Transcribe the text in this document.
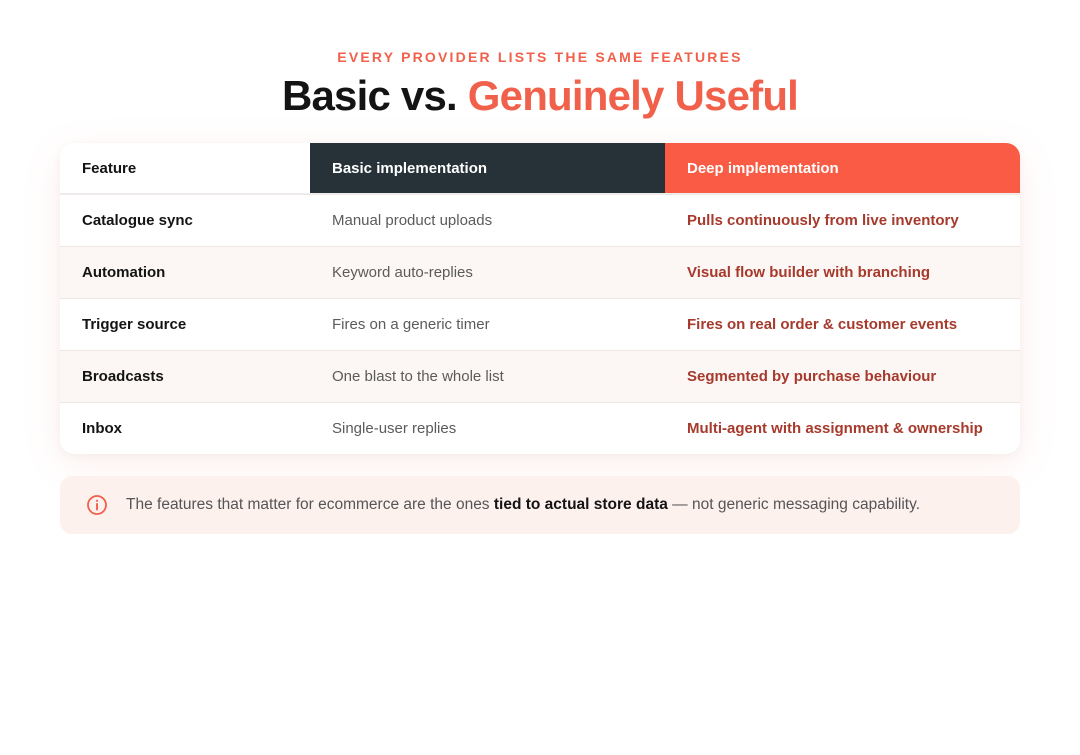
EVERY PROVIDER LISTS THE SAME FEATURES
Basic vs. Genuinely Useful
Feature	Basic implementation	Deep implementation
Catalogue sync	Manual product uploads	Pulls continuously from live inventory
Automation	Keyword auto-replies	Visual flow builder with branching
Trigger source	Fires on a generic timer	Fires on real order & customer events
Broadcasts	One blast to the whole list	Segmented by purchase behaviour
Inbox	Single-user replies	Multi-agent with assignment & ownership
The features that matter for ecommerce are the ones tied to actual store data — not generic messaging capability.
